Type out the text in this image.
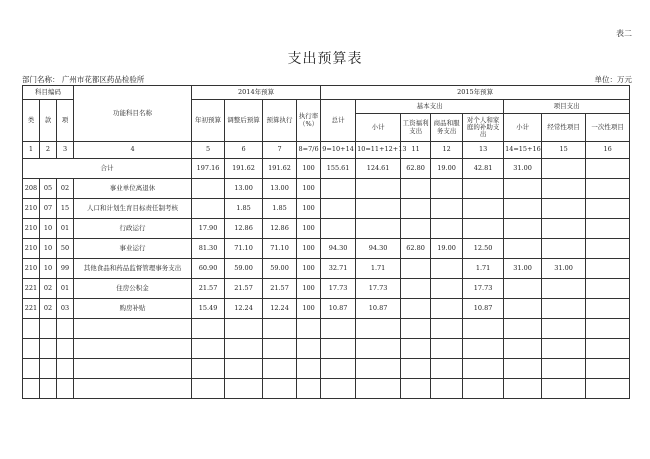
表二
支出预算表
部门名称： 广州市花都区药品检验所	单位：万元
科目编码			功能科目名称	2014年预算				2015年预算							
类	款	项		年初预算	调整后预算	预算执行	执行率（%）	总计	基本支出				项目支出		
									小计	工资福利支出	商品和服务支出	对个人和家庭的补助支出	小计	经常性项目	一次性项目
1	2	3	4	5	6	7	8=7/6	9=10+14	10=11+12+13	11	12	13	14=15+16	15	16
合计				197.16	191.62	191.62	100	155.61	124.61	62.80	19.00	42.81	31.00		
208	05	02	事业单位离退休		13.00	13.00	100								
210	07	15	人口和计划生育目标责任制考核		1.85	1.85	100								
210	10	01	行政运行	17.90	12.86	12.86	100								
210	10	50	事业运行	81.30	71.10	71.10	100	94.30	94.30	62.80	19.00	12.50			
210	10	99	其他食品和药品监督管理事务支出	60.90	59.00	59.00	100	32.71	1.71			1.71	31.00	31.00	
221	02	01	住房公积金	21.57	21.57	21.57	100	17.73	17.73			17.73			
221	02	03	购房补贴	15.49	12.24	12.24	100	10.87	10.87			10.87			
